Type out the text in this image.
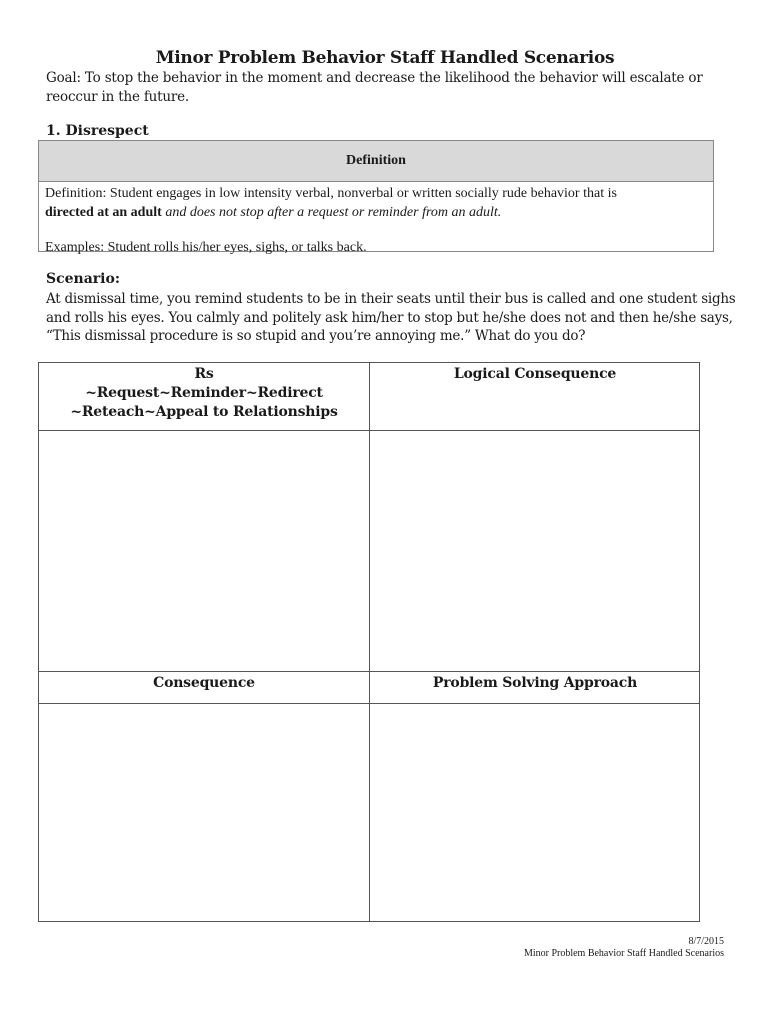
Minor Problem Behavior Staff Handled Scenarios
Goal: To stop the behavior in the moment and decrease the likelihood the behavior will escalate or reoccur in the future.
1. Disrespect
Definition

Definition: Student engages in low intensity verbal, nonverbal or written socially rude behavior that is
directed at an adult and does not stop after a request or reminder from an adult.

Examples: Student rolls his/her eyes, sighs, or talks back.

Scenario:
At dismissal time, you remind students to be in their seats until their bus is called and one student sighs and rolls his eyes. You calmly and politely ask him/her to stop but he/she does not and then he/she says, “This dismissal procedure is so stupid and you’re annoying me.” What do you do?
Rs
~Request~Reminder~Redirect
~Reteach~Appeal to Relationships
Logical Consequence
Consequence	Problem Solving Approach
8/7/2015
Minor Problem Behavior Staff Handled Scenarios
